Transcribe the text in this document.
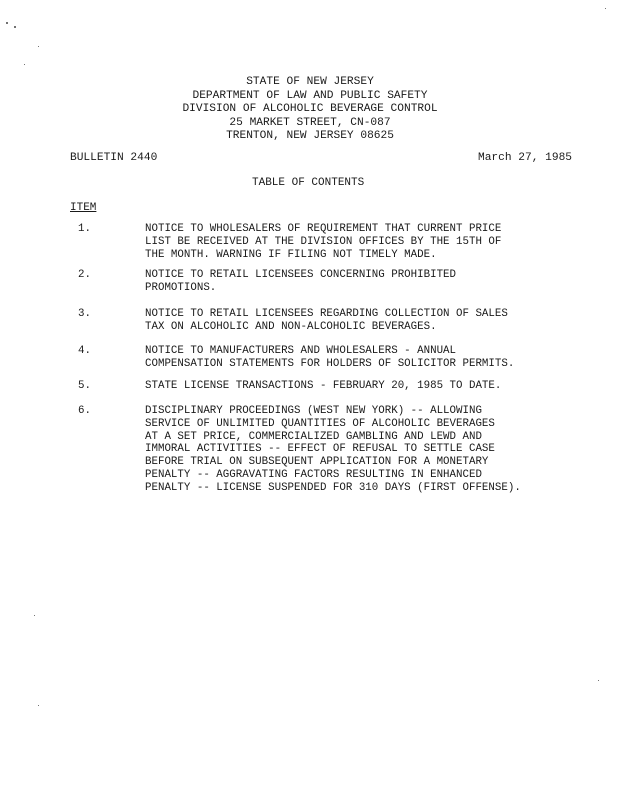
STATE OF NEW JERSEY
DEPARTMENT OF LAW AND PUBLIC SAFETY
DIVISION OF ALCOHOLIC BEVERAGE CONTROL
25 MARKET STREET, CN-087
TRENTON, NEW JERSEY 08625
BULLETIN 2440	March 27, 1985
TABLE OF CONTENTS
ITEM
1.	NOTICE TO WHOLESALERS OF REQUIREMENT THAT CURRENT PRICE
LIST BE RECEIVED AT THE DIVISION OFFICES BY THE 15TH OF
THE MONTH. WARNING IF FILING NOT TIMELY MADE.
2.	NOTICE TO RETAIL LICENSEES CONCERNING PROHIBITED
PROMOTIONS.
3.	NOTICE TO RETAIL LICENSEES REGARDING COLLECTION OF SALES
TAX ON ALCOHOLIC AND NON-ALCOHOLIC BEVERAGES.
4.	NOTICE TO MANUFACTURERS AND WHOLESALERS - ANNUAL
COMPENSATION STATEMENTS FOR HOLDERS OF SOLICITOR PERMITS.
5.	STATE LICENSE TRANSACTIONS - FEBRUARY 20, 1985 TO DATE.
6.	DISCIPLINARY PROCEEDINGS (WEST NEW YORK) -- ALLOWING
SERVICE OF UNLIMITED QUANTITIES OF ALCOHOLIC BEVERAGES
AT A SET PRICE, COMMERCIALIZED GAMBLING AND LEWD AND
IMMORAL ACTIVITIES -- EFFECT OF REFUSAL TO SETTLE CASE
BEFORE TRIAL ON SUBSEQUENT APPLICATION FOR A MONETARY
PENALTY -- AGGRAVATING FACTORS RESULTING IN ENHANCED
PENALTY -- LICENSE SUSPENDED FOR 310 DAYS (FIRST OFFENSE).
